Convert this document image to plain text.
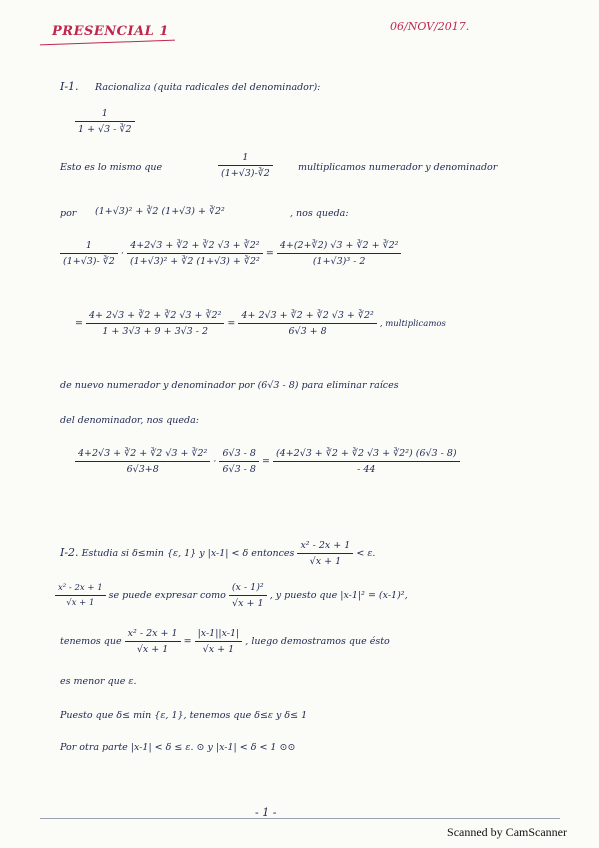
PRESENCIAL 1	06/NOV/2017.
I-1. Racionaliza (quita radicales del denominador):
$\frac{1}{1 + √3 - ∛2}$
Esto es lo mismo que	$\frac{1}{(1+√3)-∛2}$	multiplicamos numerador y denominador
por (1+√3)² + ∛2 (1+√3) + ∛2²	, nos queda:
$\frac{1}{(1+√3)- ∛2} \cdot \frac{\text{4+2√3 + ∛2 + ∛2 √3 + ∛2²}}{\text{(1+√3)² + ∛2 (1+√3) + ∛2²}} = \frac{\text{4+(2+∛2) √3 + ∛2 + ∛2²}}{\text{(1+√3)³ - 2}}$
= $\frac{\text{4+ 2√3 + ∛2 + ∛2 √3 + ∛2²}}{1 + 3√3 + 9 + 3√3 - 2} = \frac{\text{4+ 2√3 + ∛2 + ∛2 √3 + ∛2²}}{6√3 + 8}$ , multiplicamos
de nuevo numerador y denominador por (6√3 - 8) para eliminar raíces
del denominador, nos queda:
$\frac{\text{4+2√3 + ∛2 + ∛2 √3 + ∛2²}}{6√3+8} \cdot \frac{6√3 - 8}{6√3 - 8} = \frac{\text{(4+2√3 + ∛2 + ∛2 √3 + ∛2²) (6√3 - 8)}}{- 44}$
I-2. Estudia si δ≤min {ε, 1} y |x-1| < δ entonces $\frac{\text{x² - 2x + 1}}{√x + 1} < \varepsilon$.
$\frac{\text{x² - 2x + 1}}{√x + 1}$ se puede expresar como $\frac{\text{(x - 1)²}}{√x + 1}$ , y puesto que |x-1|² = (x-1)²,
tenemos que $\frac{\text{x² - 2x + 1}}{√x + 1} = \frac{|x-1||x-1|}{√x + 1}$ , luego demostramos que ésto
es menor que ε.
Puesto que δ≤ min {ε, 1}, tenemos que δ≤ε y δ≤ 1
Por otra parte |x-1| < δ ≤ ε. ⊙ y |x-1| < δ < 1 ⊙⊙
- 1 -
Scanned by CamScanner
